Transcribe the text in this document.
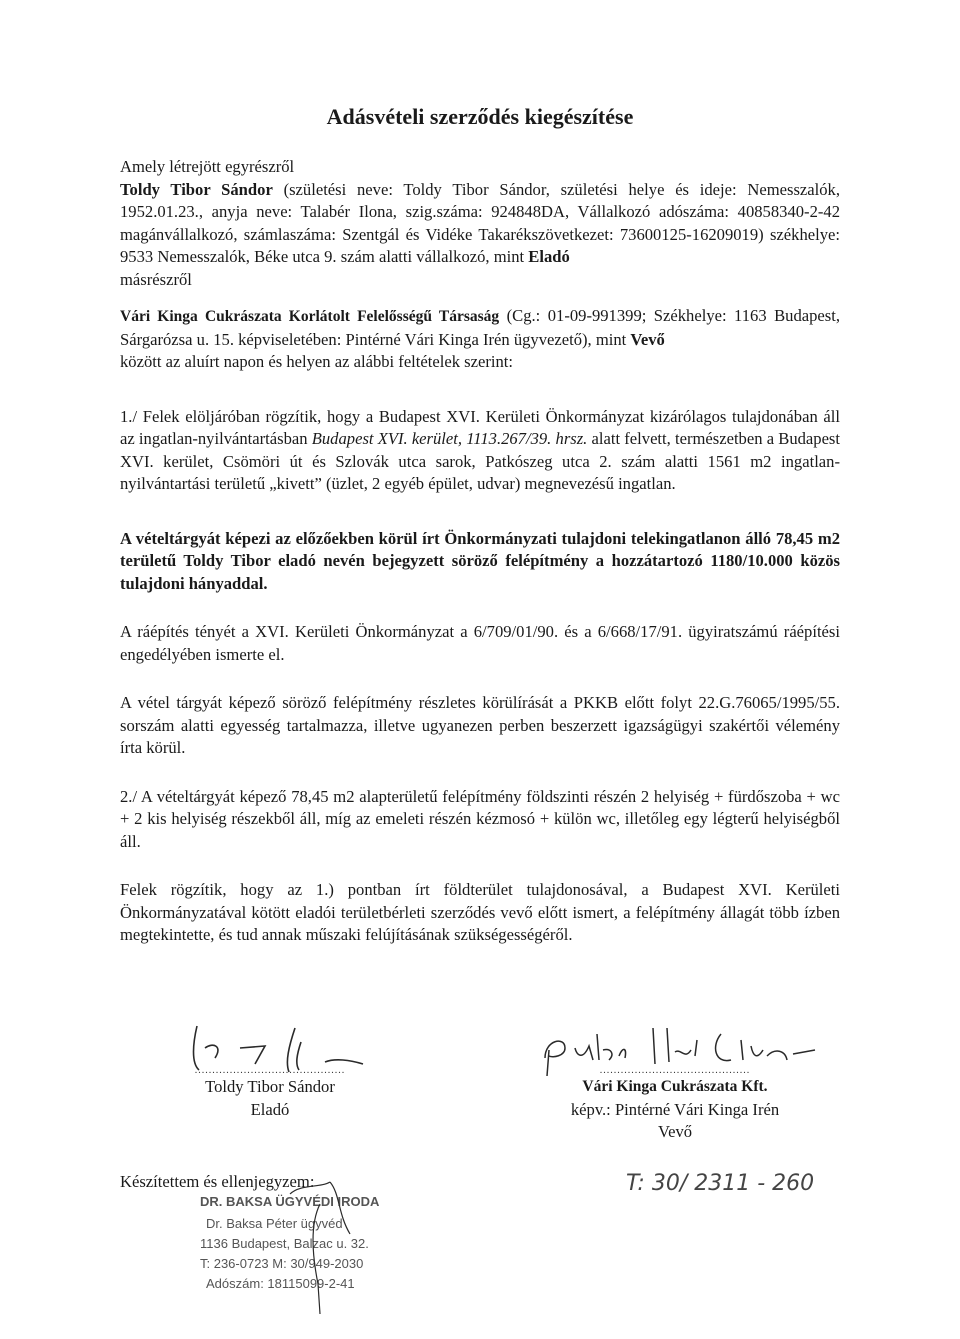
Adásvételi szerződés kiegészítése

Amely létrejött egyrészről

Toldy Tibor Sándor (születési neve: Toldy Tibor Sándor, születési helye és ideje: Nemesszalók, 1952.01.23., anyja neve: Talabér Ilona, szig.száma: 924848DA, Vállalkozó adószáma: 40858340-2-42 magánvállalkozó, számlaszáma: Szentgál és Vidéke Takarékszövetkezet: 73600125-16209019) székhelye: 9533 Nemesszalók, Béke utca 9. szám alatti vállalkozó, mint Eladó

másrészről

Vári Kinga Cukrászata Korlátolt Felelősségű Társaság (Cg.: 01-09-991399; Székhelye: 1163 Budapest, Sárgarózsa u. 15. képviseletében: Pintérné Vári Kinga Irén ügyvezető), mint Vevő

között az aluírt napon és helyen az alábbi feltételek szerint:

1./ Felek elöljáróban rögzítik, hogy a Budapest XVI. Kerületi Önkormányzat kizárólagos tulajdonában áll az ingatlan-nyilvántartásban Budapest XVI. kerület, 1113.267/39. hrsz. alatt felvett, természetben a Budapest XVI. kerület, Csömöri út és Szlovák utca sarok, Patkószeg utca 2. szám alatti 1561 m2 ingatlan-nyilvántartási területű „kivett” (üzlet, 2 egyéb épület, udvar) megnevezésű ingatlan.

A vételtárgyát képezi az előzőekben körül írt Önkormányzati tulajdoni telekingatlanon álló 78,45 m2 területű Toldy Tibor eladó nevén bejegyzett söröző felépítmény a hozzátartozó 1180/10.000 közös tulajdoni hányaddal.

A ráépítés tényét a XVI. Kerületi Önkormányzat a 6/709/01/90. és a 6/668/17/91. ügyiratszámú ráépítési engedélyében ismerte el.

A vétel tárgyát képező söröző felépítmény részletes körülírását a PKKB előtt folyt 22.G.76065/1995/55. sorszám alatti egyesség tartalmazza, illetve ugyanezen perben beszerzett igazságügyi szakértői vélemény írta körül.

2./ A vételtárgyát képező 78,45 m2 alapterületű felépítmény földszinti részén 2 helyiség + fürdőszoba + wc + 2 kis helyiség részekből áll, míg az emeleti részén kézmosó + külön wc, illetőleg egy légterű helyiségből áll.

Felek rögzítik, hogy az 1.) pontban írt földterület tulajdonosával, a Budapest XVI. Kerületi Önkormányzatával kötött eladói területbérleti szerződés vevő előtt ismert, a felépítmény állagát több ízben megtekintette, és tud annak műszaki felújításának szükségességéről.

...........................................
Toldy Tibor Sándor
Eladó
...........................................
Vári Kinga Cukrászata Kft.
képv.: Pintérné Vári Kinga Irén
Vevő
Készítettem és ellenjegyzem:
DR. BAKSA ÜGYVÉDI IRODA
Dr. Baksa Péter ügyvéd
1136 Budapest, Balzac u. 32.
T: 236-0723 M: 30/949-2030
Adószám: 18115099-2-41
T: 30/ 2311 - 260
